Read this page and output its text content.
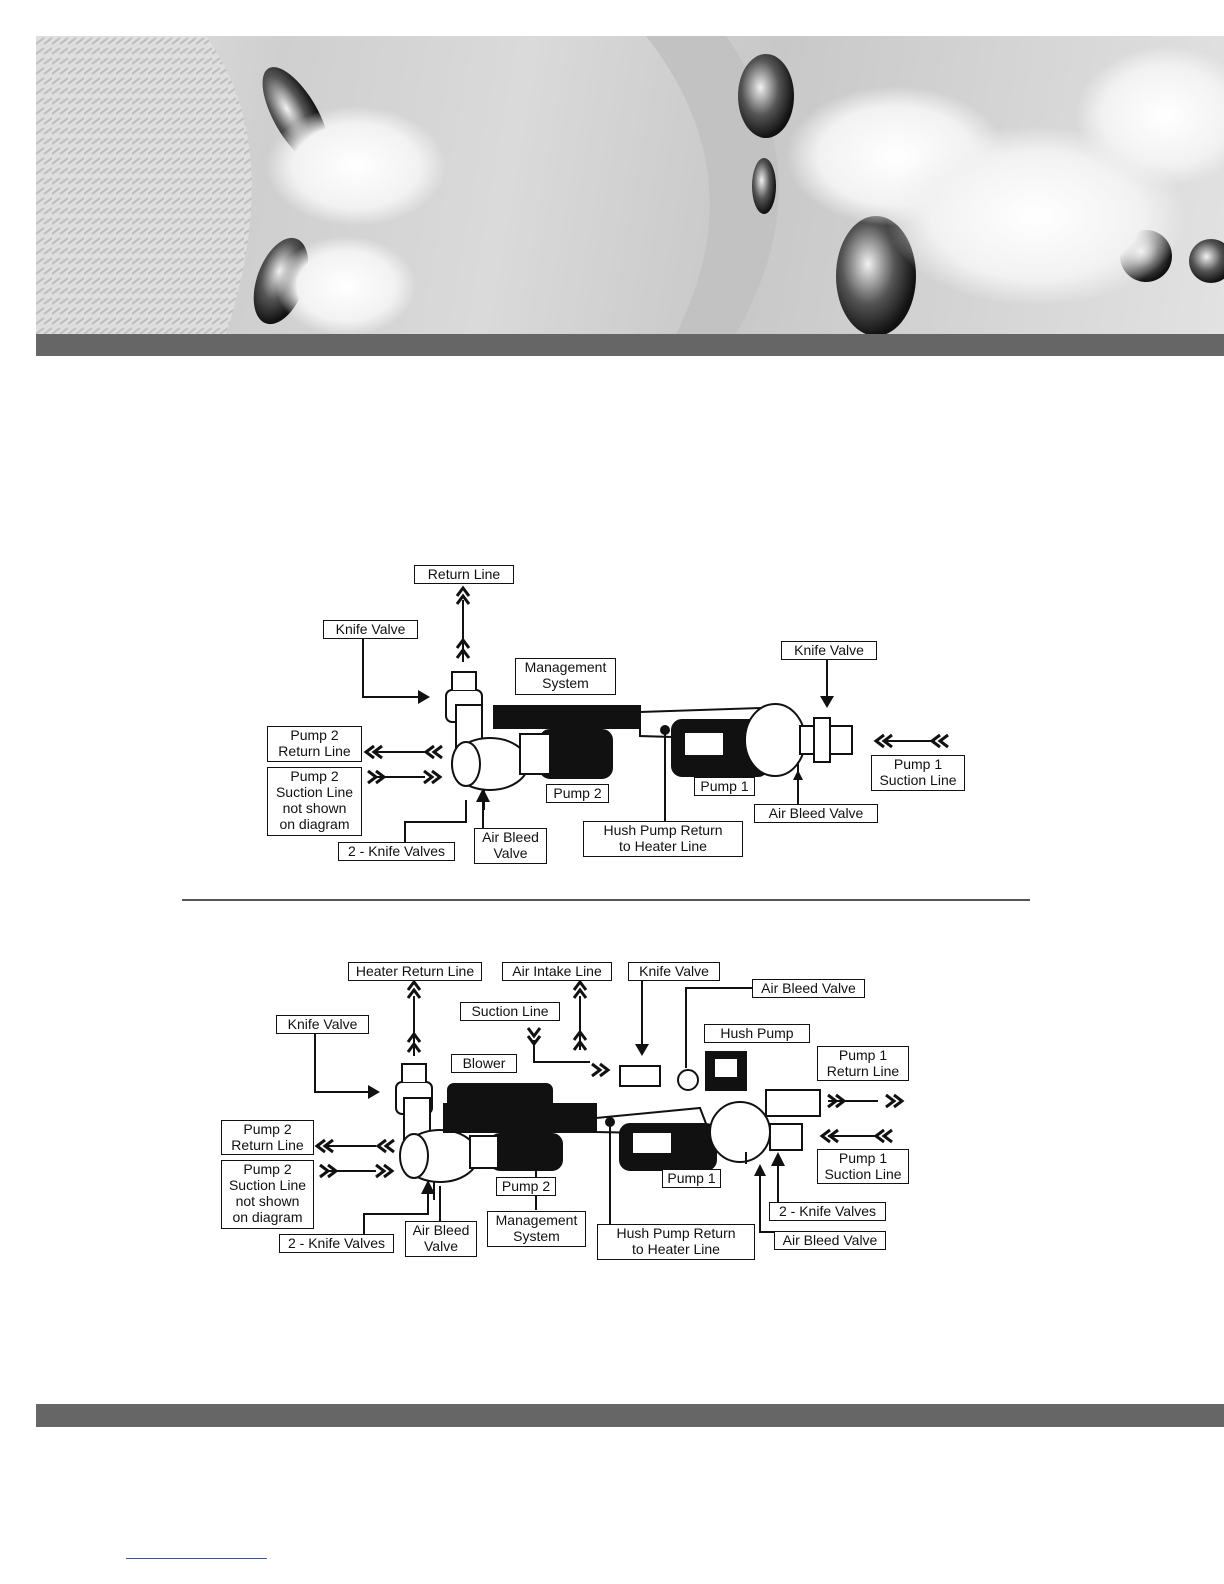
Return Line
Knife Valve
Management
System
Knife Valve
Pump 2
Return Line
Pump 2
Suction Line
not shown
on diagram
Pump 1
Suction Line
Pump 2	Pump 1
Air Bleed Valve
Air Bleed
Valve
2 - Knife Valves
Hush Pump Return
to Heater Line
Heater Return Line	Air Intake Line	Knife Valve
Air Bleed Valve
Suction Line
Knife Valve
Hush Pump
Blower	Pump 1
Return Line
Pump 2
Return Line
Pump 2
Suction Line
not shown
on diagram
Pump 1
Suction Line
Pump 2	Pump 1
2 - Knife Valves
Management
System	Hush Pump Return
to Heater Line
Air Bleed Valve
2 - Knife Valves
Air Bleed
Valve
